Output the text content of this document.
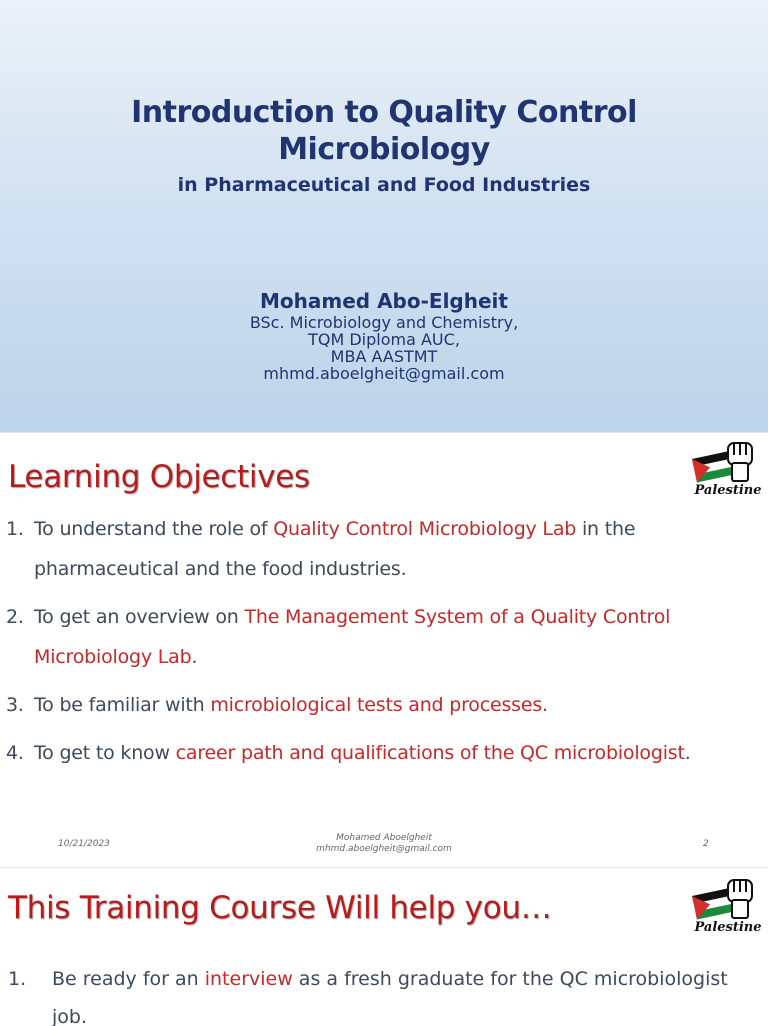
Introduction to Quality Control
Microbiology
in Pharmaceutical and Food Industries
Mohamed Abo-Elgheit
BSc. Microbiology and Chemistry,
TQM Diploma AUC,
MBA AASTMT
mhmd.aboelgheit@gmail.com
Learning Objectives	Palestine
1. To understand the role of Quality Control Microbiology Lab in the pharmaceutical and the food industries.
2. To get an overview on The Management System of a Quality Control Microbiology Lab.
3. To be familiar with microbiological tests and processes.
4. To get to know career path and qualifications of the QC microbiologist.
10/21/2023
Mohamed Aboelgheit
mhmd.aboelgheit@gmail.com	2
This Training Course Will help you…
Palestine
1. Be ready for an interview as a fresh graduate for the QC microbiologist job.
